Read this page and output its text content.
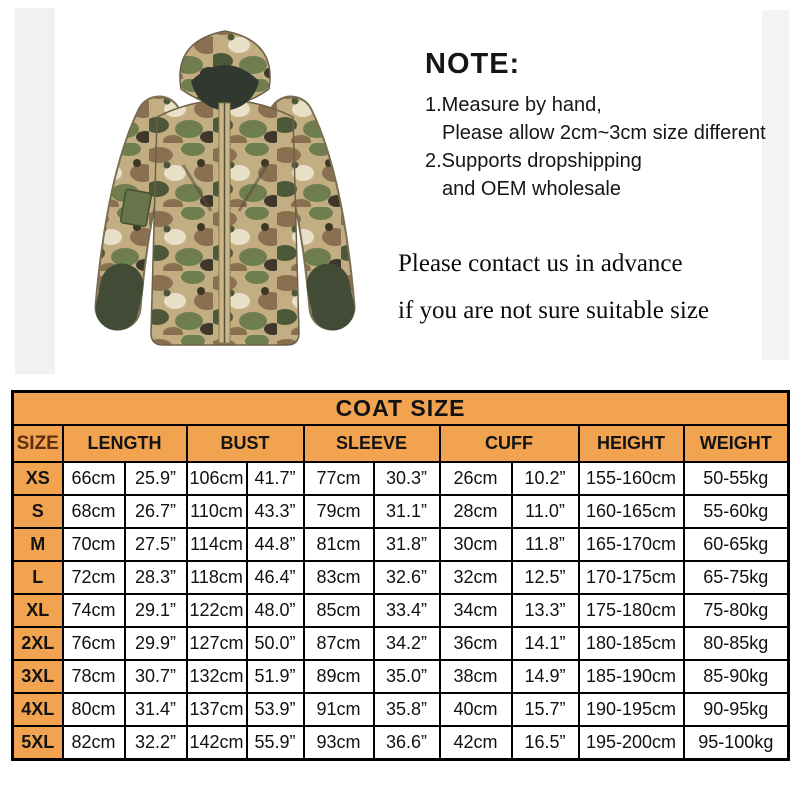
NOTE:
1.Measure by hand,
Please allow 2cm~3cm size different
2.Supports dropshipping
and OEM wholesale
Please contact us in advance
if you are not sure suitable size
COAT SIZE										
SIZE	LENGTH		BUST		SLEEVE		CUFF		HEIGHT	WEIGHT
XS	66cm	25.9”	106cm	41.7”	77cm	30.3”	26cm	10.2”	155-160cm	50-55kg
S	68cm	26.7”	110cm	43.3”	79cm	31.1”	28cm	11.0”	160-165cm	55-60kg
M	70cm	27.5”	114cm	44.8”	81cm	31.8”	30cm	11.8”	165-170cm	60-65kg
L	72cm	28.3”	118cm	46.4”	83cm	32.6”	32cm	12.5”	170-175cm	65-75kg
XL	74cm	29.1”	122cm	48.0”	85cm	33.4”	34cm	13.3”	175-180cm	75-80kg
2XL	76cm	29.9”	127cm	50.0”	87cm	34.2”	36cm	14.1”	180-185cm	80-85kg
3XL	78cm	30.7”	132cm	51.9”	89cm	35.0”	38cm	14.9”	185-190cm	85-90kg
4XL	80cm	31.4”	137cm	53.9”	91cm	35.8”	40cm	15.7”	190-195cm	90-95kg
5XL	82cm	32.2”	142cm	55.9”	93cm	36.6”	42cm	16.5”	195-200cm	95-100kg
